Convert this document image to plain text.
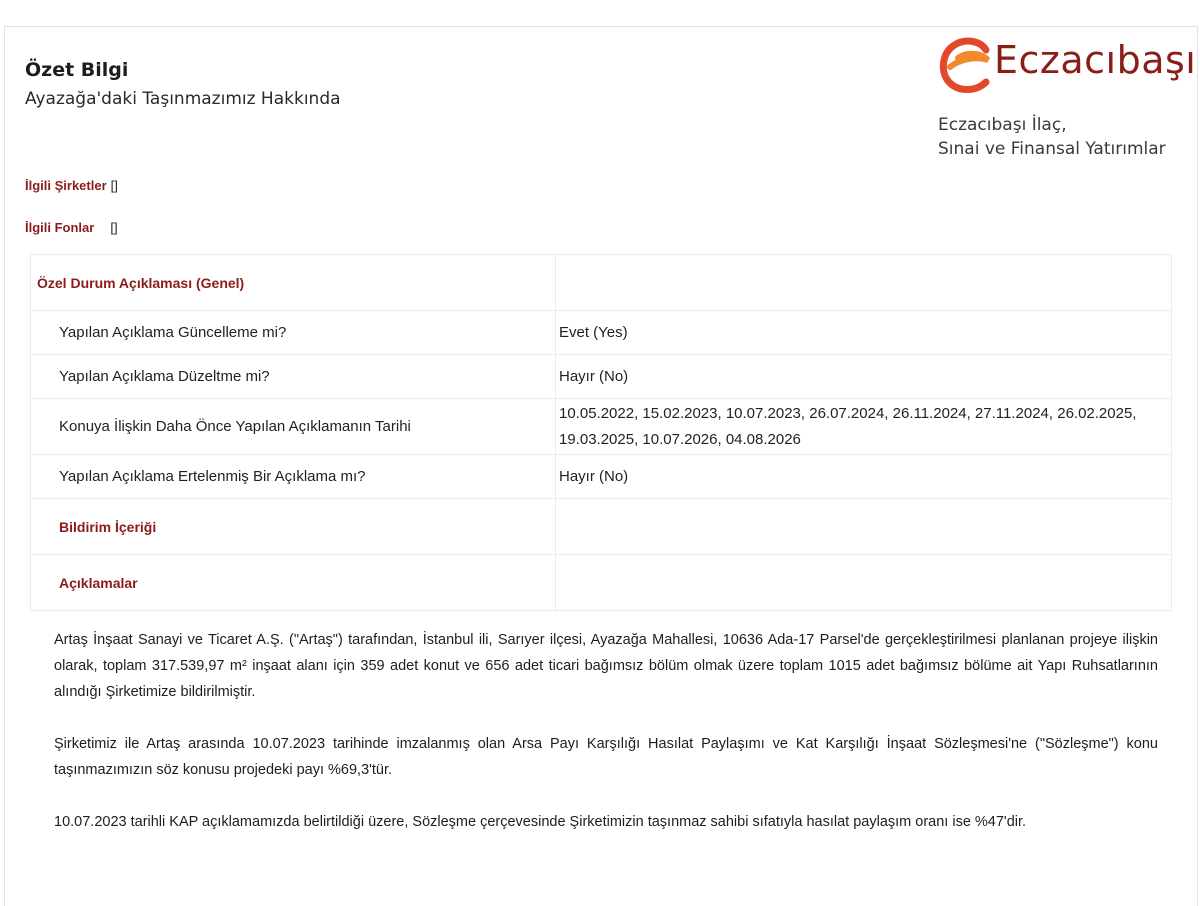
Özet Bilgi
Ayazağa'daki Taşınmazımız Hakkında
Eczacıbaşı
Eczacıbaşı İlaç,
Sınai ve Finansal Yatırımlar
İlgili Şirketler []
İlgili Fonlar []
Özel Durum Açıklaması (Genel)	
Yapılan Açıklama Güncelleme mi?	Evet (Yes)
Yapılan Açıklama Düzeltme mi?	Hayır (No)
Konuya İlişkin Daha Önce Yapılan Açıklamanın Tarihi	10.05.2022, 15.02.2023, 10.07.2023, 26.07.2024, 26.11.2024, 27.11.2024, 26.02.2025, 19.03.2025, 10.07.2026, 04.08.2026
Yapılan Açıklama Ertelenmiş Bir Açıklama mı?	Hayır (No)
Bildirim İçeriği	
Açıklamalar	

Artaş İnşaat Sanayi ve Ticaret A.Ş. ("Artaş") tarafından, İstanbul ili, Sarıyer ilçesi, Ayazağa Mahallesi, 10636 Ada-17 Parsel'de gerçekleştirilmesi planlanan projeye ilişkin olarak, toplam 317.539,97 m² inşaat alanı için 359 adet konut ve 656 adet ticari bağımsız bölüm olmak üzere toplam 1015 adet bağımsız bölüme ait Yapı Ruhsatlarının alındığı Şirketimize bildirilmiştir.

Şirketimiz ile Artaş arasında 10.07.2023 tarihinde imzalanmış olan Arsa Payı Karşılığı Hasılat Paylaşımı ve Kat Karşılığı İnşaat Sözleşmesi'ne ("Sözleşme") konu taşınmazımızın söz konusu projedeki payı %69,3'tür.

10.07.2023 tarihli KAP açıklamamızda belirtildiği üzere, Sözleşme çerçevesinde Şirketimizin taşınmaz sahibi sıfatıyla hasılat paylaşım oranı ise %47'dir.
